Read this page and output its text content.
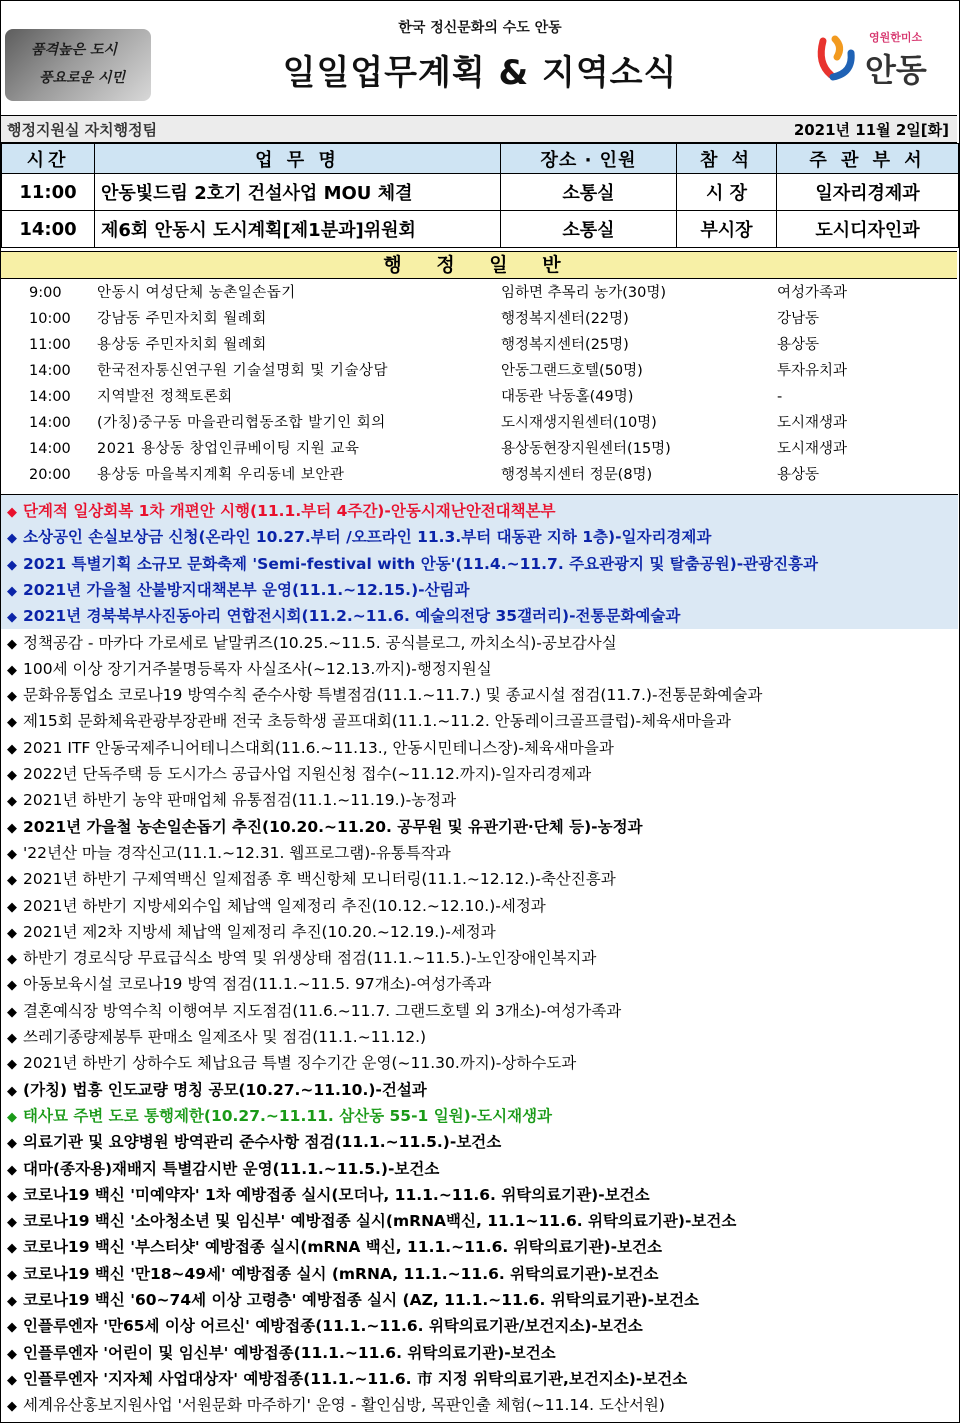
품격높은 도시
풍요로운 시민
한국 정신문화의 수도 안동
일일업무계획 & 지역소식
영원한미소
안동
행정지원실 자치행정팀	2021년 11월 2일[화]
시간	업 무 명	장소 · 인원	참 석	주 관 부 서
11:00	안동빛드림 2호기 건설사업 MOU 체결	소통실	시 장	일자리경제과
14:00	제6회 안동시 도시계획[제1분과]위원회	소통실	부시장	도시디자인과
행 정 일 반
9:00 안동시 여성단체 농촌일손돕기	임하면 추목리 농가(30명)	여성가족과
10:00 강남동 주민자치회 월례회	행정복지센터(22명)	강남동
11:00 용상동 주민자치회 월례회	행정복지센터(25명)	용상동
14:00 한국전자통신연구원 기술설명회 및 기술상담	안동그랜드호텔(50명)	투자유치과
14:00 지역발전 정책토론회	대동관 낙동홀(49명)	-
14:00 (가칭)중구동 마을관리협동조합 발기인 회의	도시재생지원센터(10명)	도시재생과
14:00 2021 용상동 창업인큐베이팅 지원 교육	용상동현장지원센터(15명)	도시재생과
20:00 용상동 마을복지계획 우리동네 보안관	행정복지센터 정문(8명)	용상동
◆ 단계적 일상회복 1차 개편안 시행(11.1.부터 4주간)-안동시재난안전대책본부
◆ 소상공인 손실보상금 신청(온라인 10.27.부터 /오프라인 11.3.부터 대동관 지하 1층)-일자리경제과
◆ 2021 특별기획 소규모 문화축제 'Semi-festival with 안동'(11.4.~11.7. 주요관광지 및 탈춤공원)-관광진흥과
◆ 2021년 가을철 산불방지대책본부 운영(11.1.~12.15.)-산림과
◆ 2021년 경북북부사진동아리 연합전시회(11.2.~11.6. 예술의전당 35갤러리)-전통문화예술과
◆ 정책공감 - 마카다 가로세로 낱말퀴즈(10.25.~11.5. 공식블로그, 까치소식)-공보감사실
◆ 100세 이상 장기거주불명등록자 사실조사(~12.13.까지)-행정지원실
◆ 문화유통업소 코로나19 방역수칙 준수사항 특별점검(11.1.~11.7.) 및 종교시설 점검(11.7.)-전통문화예술과
◆ 제15회 문화체육관광부장관배 전국 초등학생 골프대회(11.1.~11.2. 안동레이크골프클럽)-체육새마을과
◆ 2021 ITF 안동국제주니어테니스대회(11.6.~11.13., 안동시민테니스장)-체육새마을과
◆ 2022년 단독주택 등 도시가스 공급사업 지원신청 접수(~11.12.까지)-일자리경제과
◆ 2021년 하반기 농약 판매업체 유통점검(11.1.~11.19.)-농정과
◆ 2021년 가을철 농손일손돕기 추진(10.20.~11.20. 공무원 및 유관기관·단체 등)-농정과
◆ '22년산 마늘 경작신고(11.1.~12.31. 웹프로그램)-유통특작과
◆ 2021년 하반기 구제역백신 일제접종 후 백신항체 모니터링(11.1.~12.12.)-축산진흥과
◆ 2021년 하반기 지방세외수입 체납액 일제정리 추진(10.12.~12.10.)-세정과
◆ 2021년 제2차 지방세 체납액 일제정리 추진(10.20.~12.19.)-세정과
◆ 하반기 경로식당 무료급식소 방역 및 위생상태 점검(11.1.~11.5.)-노인장애인복지과
◆ 아동보육시설 코로나19 방역 점검(11.1.~11.5. 97개소)-여성가족과
◆ 결혼예식장 방역수칙 이행여부 지도점검(11.6.~11.7. 그랜드호텔 외 3개소)-여성가족과
◆ 쓰레기종량제봉투 판매소 일제조사 및 점검(11.1.~11.12.)
◆ 2021년 하반기 상하수도 체납요금 특별 징수기간 운영(~11.30.까지)-상하수도과
◆ (가칭) 법흥 인도교량 명칭 공모(10.27.~11.10.)-건설과
◆ 태사묘 주변 도로 통행제한(10.27.~11.11. 삼산동 55-1 일원)-도시재생과
◆ 의료기관 및 요양병원 방역관리 준수사항 점검(11.1.~11.5.)-보건소
◆ 대마(종자용)재배지 특별감시반 운영(11.1.~11.5.)-보건소
◆ 코로나19 백신 '미예약자' 1차 예방접종 실시(모더나, 11.1.~11.6. 위탁의료기관)-보건소
◆ 코로나19 백신 '소아청소년 및 임신부' 예방접종 실시(mRNA백신, 11.1~11.6. 위탁의료기관)-보건소
◆ 코로나19 백신 '부스터샷' 예방접종 실시(mRNA 백신, 11.1.~11.6. 위탁의료기관)-보건소
◆ 코로나19 백신 '만18~49세' 예방접종 실시 (mRNA, 11.1.~11.6. 위탁의료기관)-보건소
◆ 코로나19 백신 '60~74세 이상 고령층' 예방접종 실시 (AZ, 11.1.~11.6. 위탁의료기관)-보건소
◆ 인플루엔자 '만65세 이상 어르신' 예방접종(11.1.~11.6. 위탁의료기관/보건지소)-보건소
◆ 인플루엔자 '어린이 및 임신부' 예방접종(11.1.~11.6. 위탁의료기관)-보건소
◆ 인플루엔자 '지자체 사업대상자' 예방접종(11.1.~11.6. 市 지정 위탁의료기관,보건지소)-보건소
◆ 세계유산홍보지원사업 '서원문화 마주하기' 운영 - 활인심방, 목판인출 체험(~11.14. 도산서원)
